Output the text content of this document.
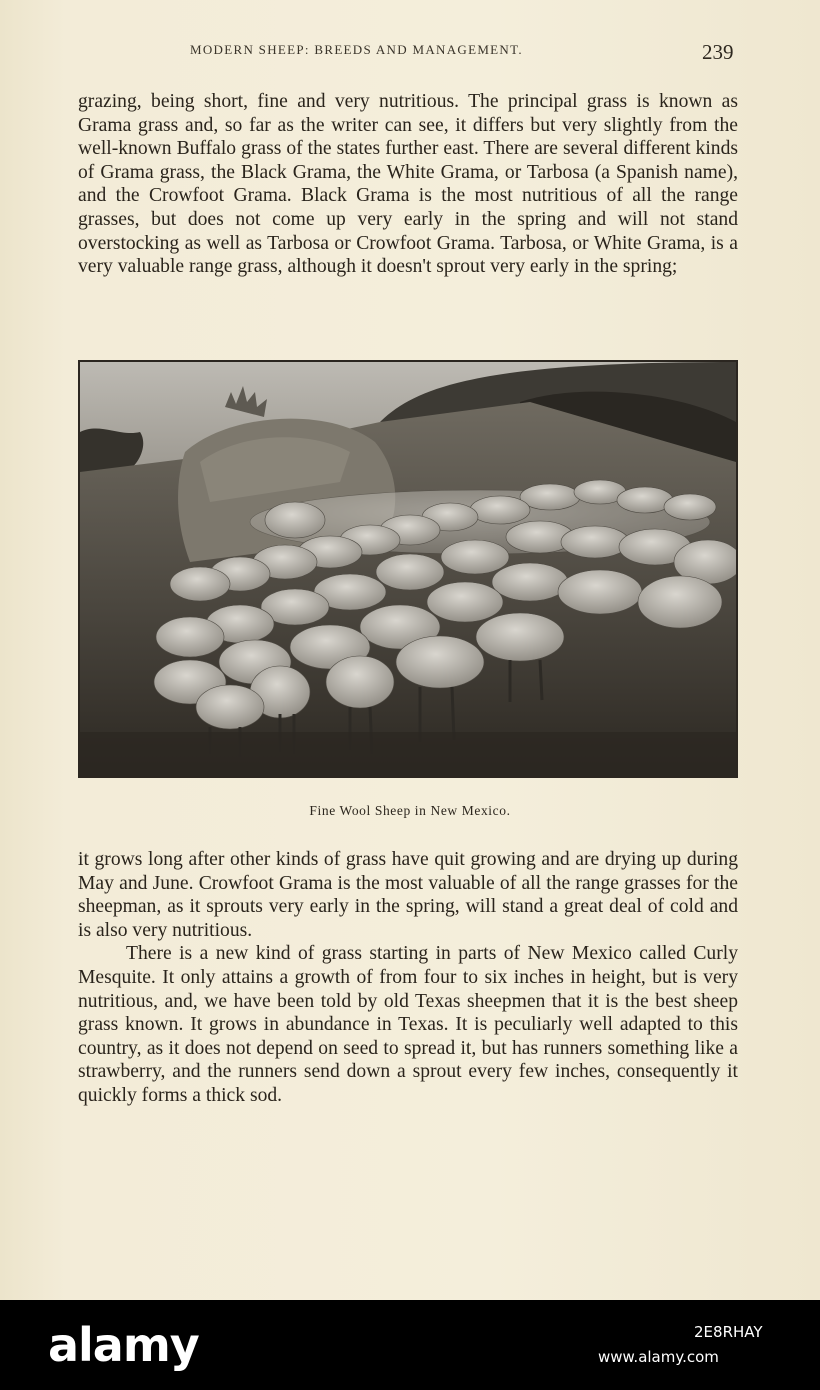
MODERN SHEEP: BREEDS AND MANAGEMENT.	239

grazing, being short, fine and very nutritious. The principal grass is known as Grama grass and, so far as the writer can see, it differs but very slightly from the well-known Buffalo grass of the states further east. There are several different kinds of Grama grass, the Black Grama, the White Grama, or Tarbosa (a Spanish name), and the Crowfoot Grama. Black Grama is the most nutritious of all the range grasses, but does not come up very early in the spring and will not stand overstocking as well as Tarbosa or Crowfoot Grama. Tarbosa, or White Grama, is a very valuable range grass, although it doesn't sprout very early in the spring;

Fine Wool Sheep in New Mexico.

it grows long after other kinds of grass have quit growing and are drying up during May and June. Crowfoot Grama is the most valuable of all the range grasses for the sheepman, as it sprouts very early in the spring, will stand a great deal of cold and is also very nutritious.

There is a new kind of grass starting in parts of New Mexico called Curly Mesquite. It only attains a growth of from four to six inches in height, but is very nutritious, and, we have been told by old Texas sheepmen that it is the best sheep grass known. It grows in abundance in Texas. It is peculiarly well adapted to this country, as it does not depend on seed to spread it, but has runners something like a strawberry, and the runners send down a sprout every few inches, consequently it quickly forms a thick sod.

alamy	2E8RHAY
www.alamy.com
